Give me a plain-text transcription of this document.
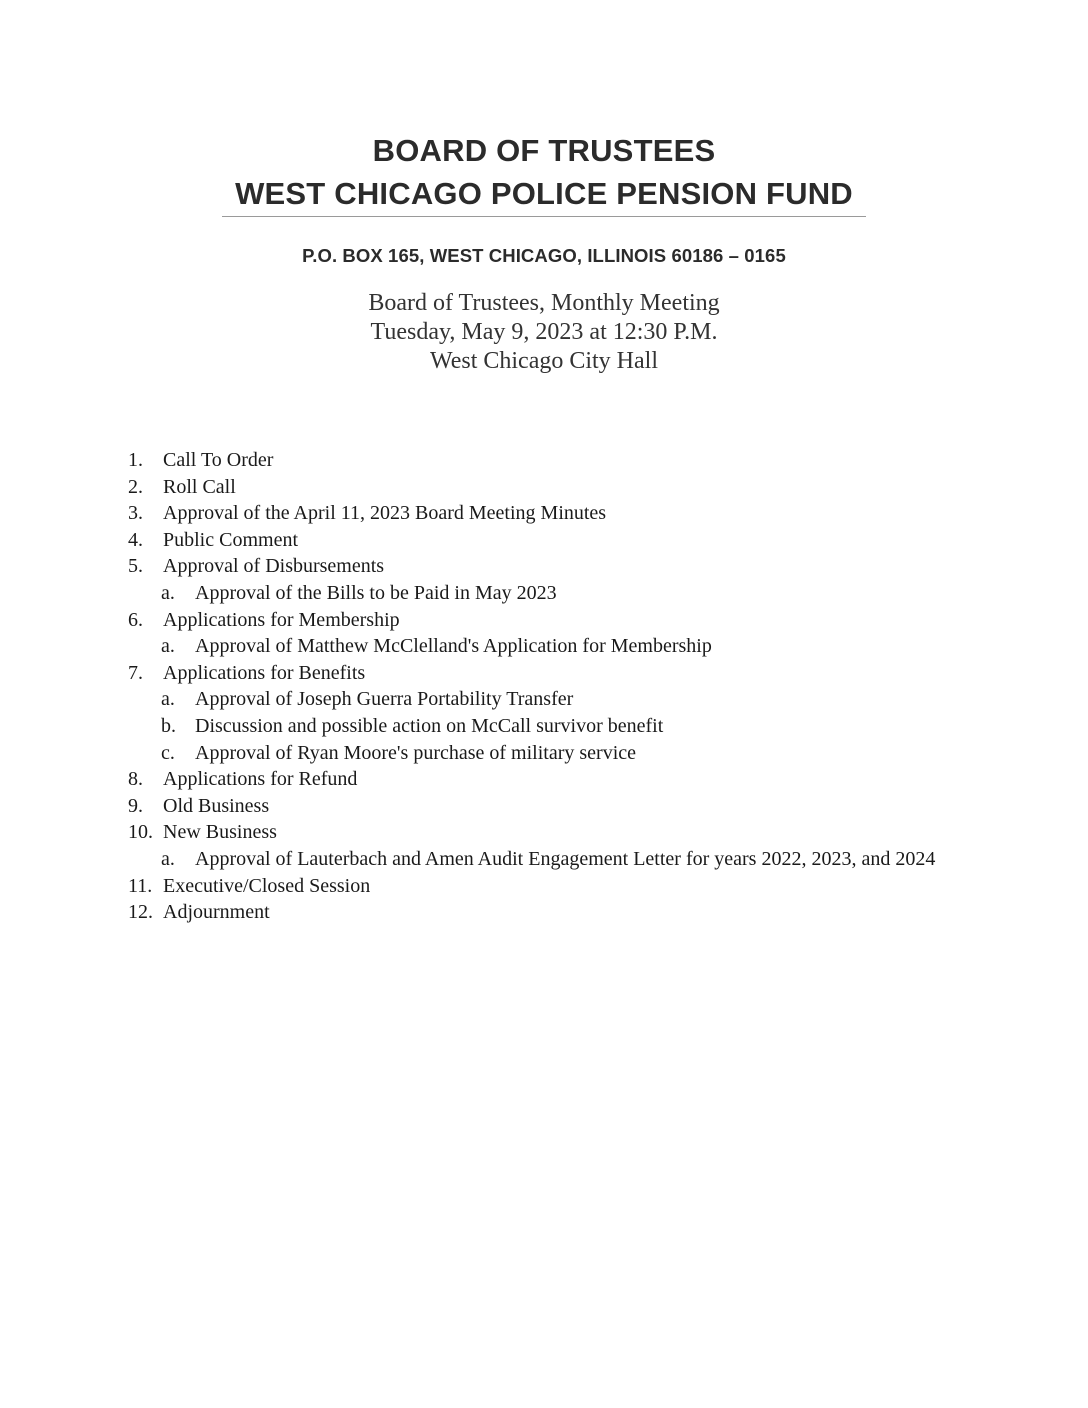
BOARD OF TRUSTEES
WEST CHICAGO POLICE PENSION FUND
P.O. BOX 165, WEST CHICAGO, ILLINOIS 60186 – 0165
Board of Trustees, Monthly Meeting
Tuesday, May 9, 2023 at 12:30 P.M.
West Chicago City Hall
1. Call To Order
2. Roll Call
3. Approval of the April 11, 2023 Board Meeting Minutes
4. Public Comment
5. Approval of Disbursements
a. Approval of the Bills to be Paid in May 2023
6. Applications for Membership
a. Approval of Matthew McClelland's Application for Membership
7. Applications for Benefits
a. Approval of Joseph Guerra Portability Transfer
b. Discussion and possible action on McCall survivor benefit
c. Approval of Ryan Moore's purchase of military service
8. Applications for Refund
9. Old Business
10. New Business
a. Approval of Lauterbach and Amen Audit Engagement Letter for years 2022, 2023, and 2024
11. Executive/Closed Session
12. Adjournment
